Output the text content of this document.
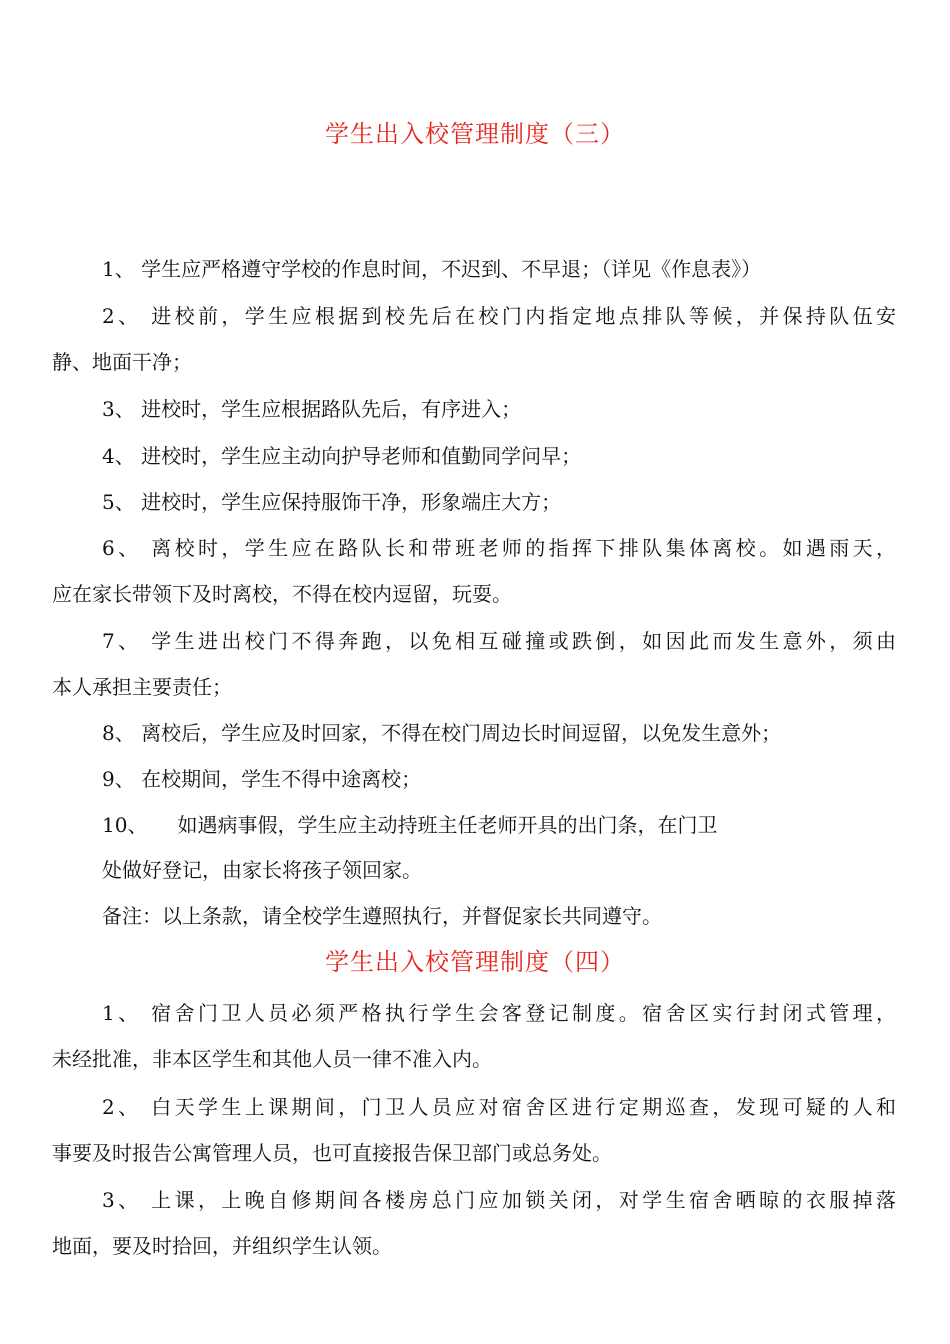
学生出入校管理制度（三）
1、 学生应严格遵守学校的作息时间，不迟到、不早退；（详见《作息表》）
2、 进校前，学生应根据到校先后在校门内指定地点排队等候，并保持队伍安
静、地面干净；
3、 进校时，学生应根据路队先后，有序进入；
4、 进校时，学生应主动向护导老师和值勤同学问早；
5、 进校时，学生应保持服饰干净，形象端庄大方；
6、 离校时，学生应在路队长和带班老师的指挥下排队集体离校。如遇雨天，
应在家长带领下及时离校，不得在校内逗留，玩耍。
7、 学生进出校门不得奔跑，以免相互碰撞或跌倒，如因此而发生意外，须由
本人承担主要责任；
8、 离校后，学生应及时回家，不得在校门周边长时间逗留，以免发生意外；
9、 在校期间，学生不得中途离校；
10、 如遇病事假，学生应主动持班主任老师开具的出门条，在门卫
处做好登记，由家长将孩子领回家。
备注：以上条款，请全校学生遵照执行，并督促家长共同遵守。
学生出入校管理制度（四）
1、 宿舍门卫人员必须严格执行学生会客登记制度。宿舍区实行封闭式管理，
未经批准，非本区学生和其他人员一律不准入内。
2、 白天学生上课期间，门卫人员应对宿舍区进行定期巡查，发现可疑的人和
事要及时报告公寓管理人员，也可直接报告保卫部门或总务处。
3、 上课，上晚自修期间各楼房总门应加锁关闭，对学生宿舍晒晾的衣服掉落
地面，要及时拾回，并组织学生认领。
